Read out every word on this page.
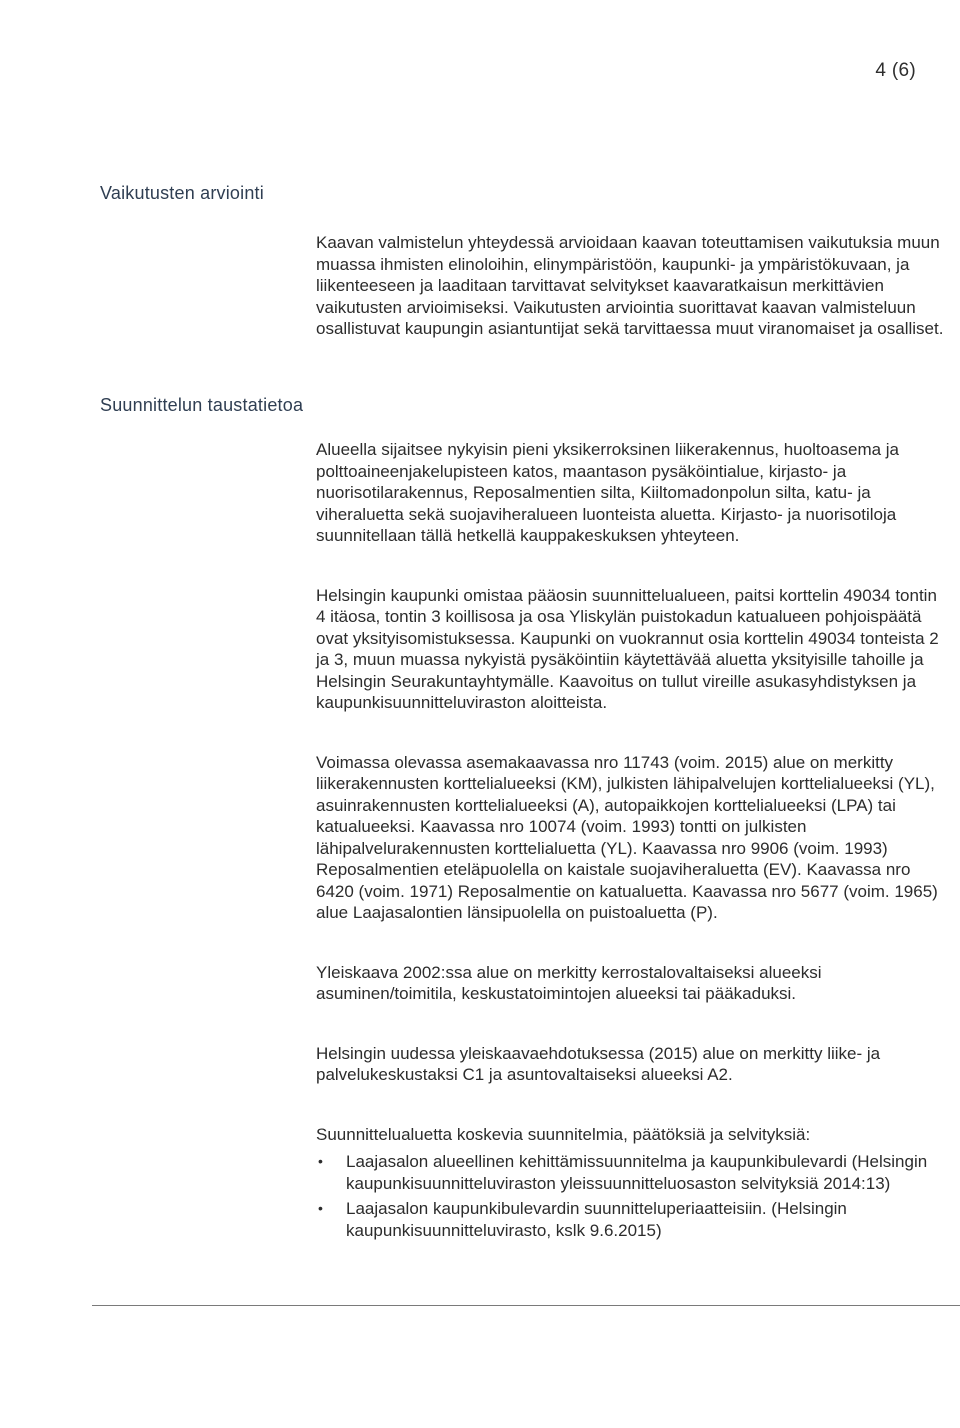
4 (6)
Vaikutusten arviointi
Suunnittelun taustatietoa

Kaavan valmistelun yhteydessä arvioidaan kaavan toteuttamisen vaikutuksia muun muassa ihmisten elinoloihin, elinympäristöön, kaupunki- ja ympäristökuvaan, ja liikenteeseen ja laaditaan tarvittavat selvitykset kaavaratkaisun merkittävien vaikutusten arvioimiseksi. Vaikutusten arviointia suorittavat kaavan valmisteluun osallistuvat kaupungin asiantuntijat sekä tarvittaessa muut viranomaiset ja osalliset.

Alueella sijaitsee nykyisin pieni yksikerroksinen liikerakennus, huoltoasema ja polttoaineenjakelupisteen katos, maantason pysäköintialue, kirjasto- ja nuorisotilarakennus, Reposalmentien silta, Kiiltomadonpolun silta, katu- ja viheraluetta sekä suojaviheralueen luonteista aluetta. Kirjasto- ja nuorisotiloja suunnitellaan tällä hetkellä kauppakeskuksen yhteyteen.

Helsingin kaupunki omistaa pääosin suunnittelualueen, paitsi korttelin 49034 tontin 4 itäosa, tontin 3 koillisosa ja osa Yliskylän puistokadun katualueen pohjoispäätä ovat yksityisomistuksessa. Kaupunki on vuokrannut osia korttelin 49034 tonteista 2 ja 3, muun muassa nykyistä pysäköintiin käytettävää aluetta yksityisille tahoille ja Helsingin Seurakuntayhtymälle. Kaavoitus on tullut vireille asukasyhdistyksen ja kaupunkisuunnitteluviraston aloitteista.

Voimassa olevassa asemakaavassa nro 11743 (voim. 2015) alue on merkitty liikerakennusten korttelialueeksi (KM), julkisten lähipalvelujen korttelialueeksi (YL), asuinrakennusten korttelialueeksi (A), autopaikkojen korttelialueeksi (LPA) tai katualueeksi. Kaavassa nro 10074 (voim. 1993) tontti on julkisten lähipalvelurakennusten korttelialuetta (YL). Kaavassa nro 9906 (voim. 1993) Reposalmentien eteläpuolella on kaistale suojaviheraluetta (EV). Kaavassa nro 6420 (voim. 1971) Reposalmentie on katualuetta. Kaavassa nro 5677 (voim. 1965) alue Laajasalontien länsipuolella on puistoaluetta (P).

Yleiskaava 2002:ssa alue on merkitty kerrostalovaltaiseksi alueeksi asuminen/toimitila, keskustatoimintojen alueeksi tai pääkaduksi.

Helsingin uudessa yleiskaavaehdotuksessa (2015) alue on merkitty liike- ja palvelukeskustaksi C1 ja asuntovaltaiseksi alueeksi A2.

Suunnittelualuetta koskevia suunnitelmia, päätöksiä ja selvityksiä:

• Laajasalon alueellinen kehittämissuunnitelma ja kaupunkibulevardi (Helsingin kaupunkisuunnitteluviraston yleissuunnitteluosaston selvityksiä 2014:13)
• Laajasalon kaupunkibulevardin suunnitteluperiaatteisiin. (Helsingin kaupunkisuunnitteluvirasto, kslk 9.6.2015)
